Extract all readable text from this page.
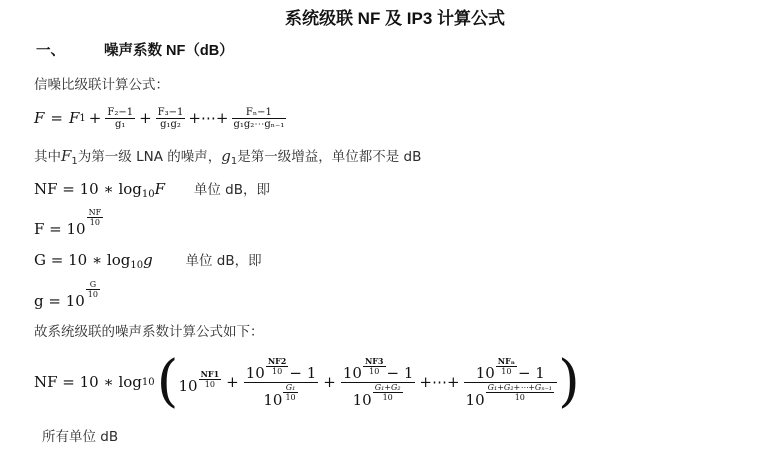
系统级联 NF 及 IP3 计算公式
一、	噪声系数 NF（dB）
信噪比级联计算公式：
F = F $1 + \frac{\text{F₂−1}}{\text{g₁}} + \frac{\text{F₃−1}}{\text{g₁g₂}}$ +⋯+ $\frac{\text{Fₙ−1}}{\text{g₁g₂⋯gₙ₋₁}}$
其中$F_1$为第一级 LNA 的噪声，$g_1$是第一级增益，单位都不是 dB
NF = 10 ∗ $\log_{10}F$ 单位 dB，即
F = 10
$\frac{NF}{10}$
G = 10 ∗ $\log_{10}g$ 单位 dB，即
g = 10
$\frac{G}{10}$
故系统级联的噪声系数计算公式如下：
NF = 10 ∗ log 10 ( $10 \frac{NF1}{10} + \frac{10 \frac{NF2}{10} - 1}{10 \frac{\text{G₁}}{10}} + \frac{10 \frac{NF3}{10} - 1}{10 \frac{\text{G₁+G₂}}{10}}$ +⋯+ $\frac{10 \frac{\text{NFₙ}}{10} - 1}{10 \frac{\text{G₁+G₂+⋯+Gₙ₋₁}}{10}}$ )
所有单位 dB
